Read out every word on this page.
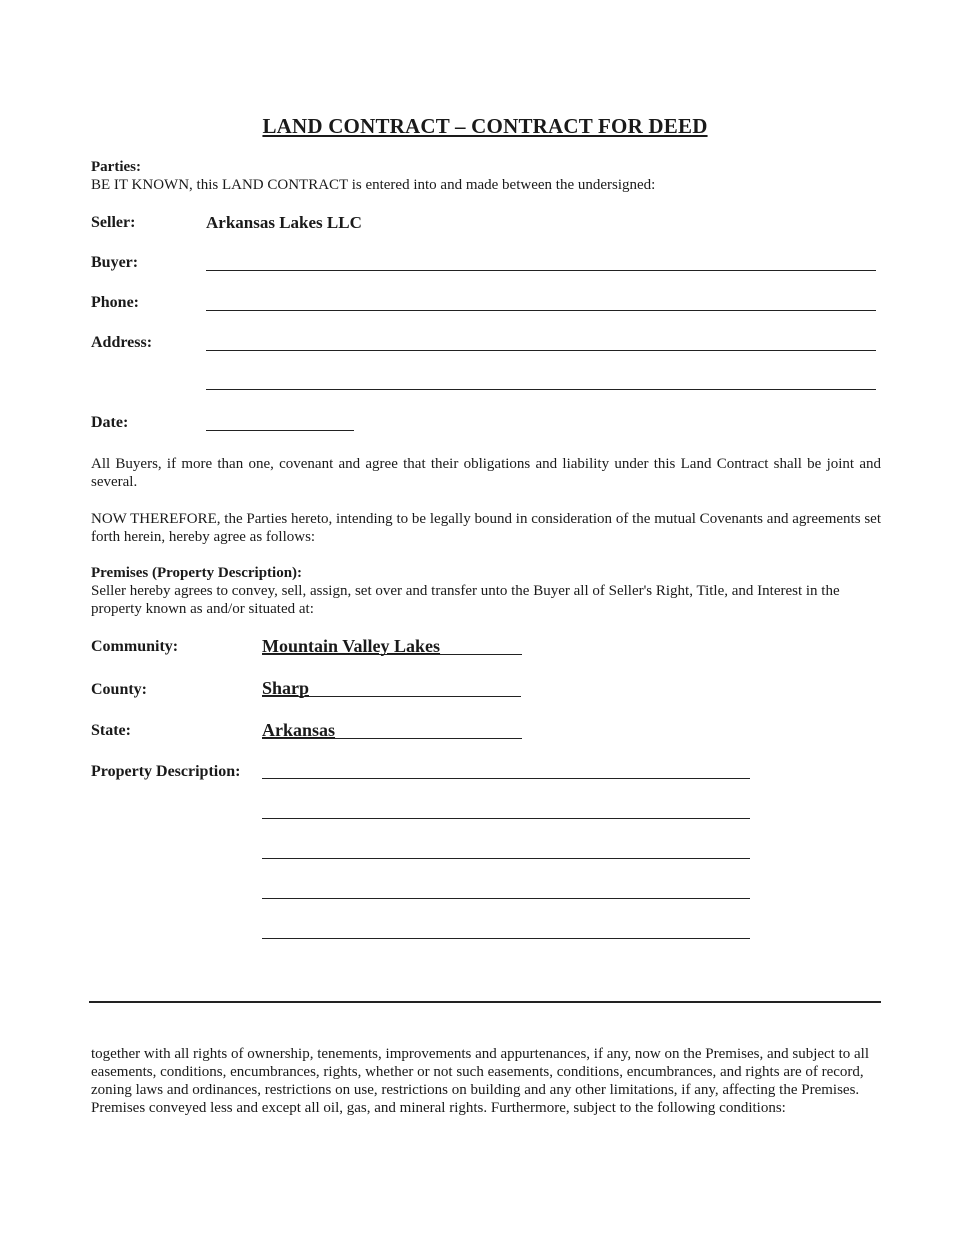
LAND CONTRACT – CONTRACT FOR DEED
Parties:
BE IT KNOWN, this LAND CONTRACT is entered into and made between the undersigned:
Seller:	Arkansas Lakes LLC
Buyer:
Phone:
Address:
Date:
All Buyers, if more than one, covenant and agree that their obligations and liability under this Land Contract shall be joint and several.
NOW THEREFORE, the Parties hereto, intending to be legally bound in consideration of the mutual Covenants and agreements set forth herein, hereby agree as follows:
Premises (Property Description):
Seller hereby agrees to convey, sell, assign, set over and transfer unto the Buyer all of Seller's Right, Title, and Interest in the property known as and/or situated at:
Community:	Mountain Valley Lakes
County:	Sharp
State:	Arkansas
Property Description:
together with all rights of ownership, tenements, improvements and appurtenances, if any, now on the Premises, and subject to all easements, conditions, encumbrances, rights, whether or not such easements, conditions, encumbrances, and rights are of record, zoning laws and ordinances, restrictions on use, restrictions on building and any other limitations, if any, affecting the Premises. Premises conveyed less and except all oil, gas, and mineral rights. Furthermore, subject to the following conditions:
